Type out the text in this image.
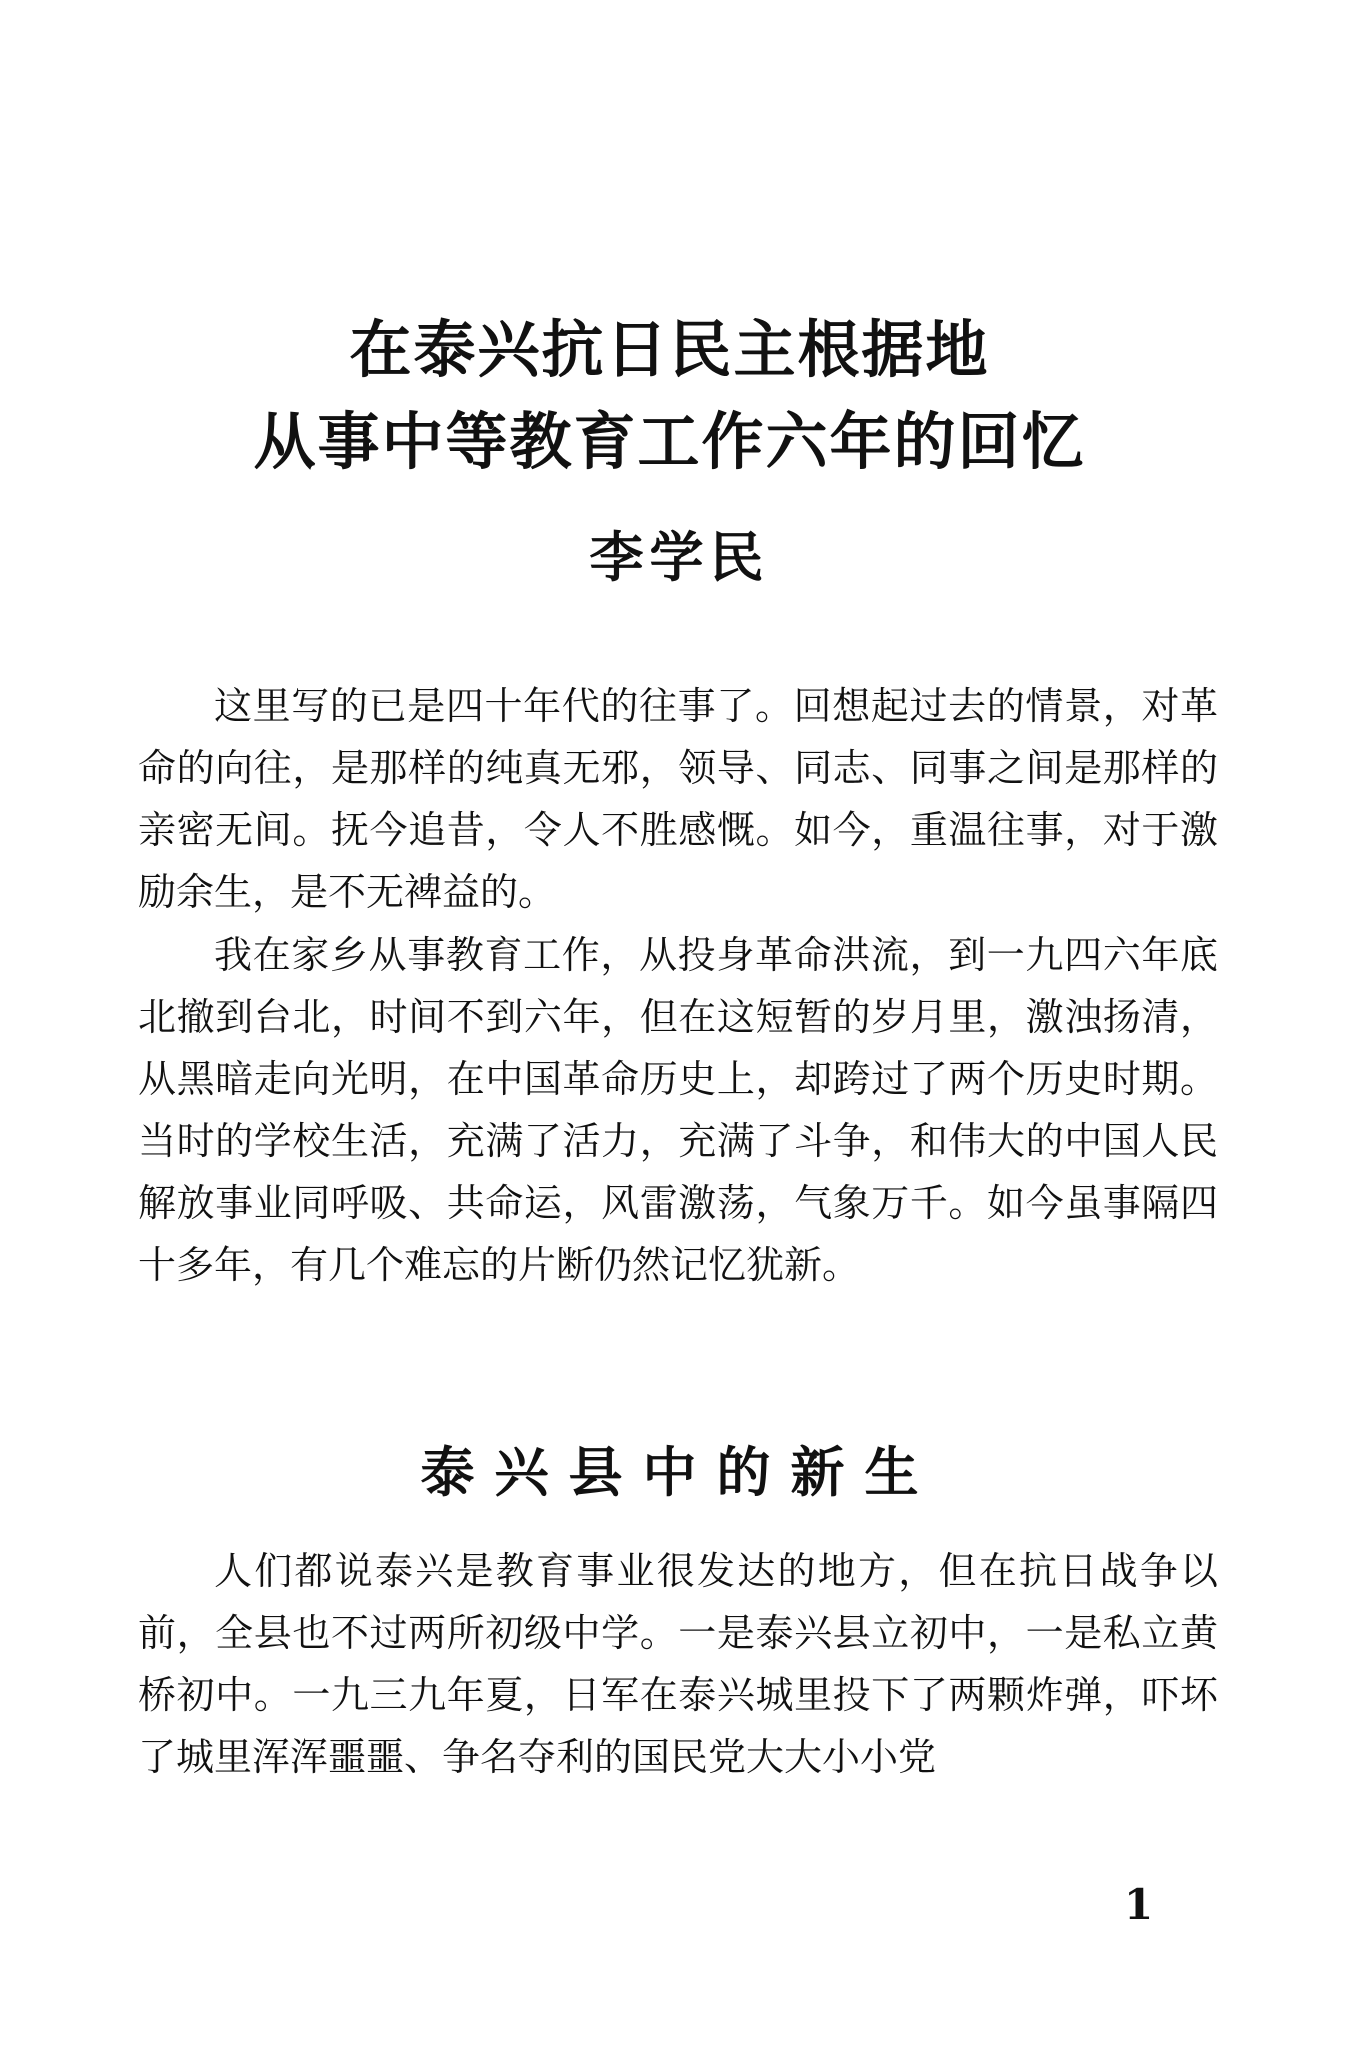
在泰兴抗日民主根据地
从事中等教育工作六年的回忆
李学民

这里写的已是四十年代的往事了。回想起过去的情景，对革命的向往，是那样的纯真无邪，领导、同志、同事之间是那样的亲密无间。抚今追昔，令人不胜感慨。如今，重温往事，对于激励余生，是不无裨益的。

我在家乡从事教育工作，从投身革命洪流，到一九四六年底北撤到台北，时间不到六年，但在这短暂的岁月里，激浊扬清，从黑暗走向光明，在中国革命历史上，却跨过了两个历史时期。当时的学校生活，充满了活力，充满了斗争，和伟大的中国人民解放事业同呼吸、共命运，风雷激荡，气象万千。如今虽事隔四十多年，有几个难忘的片断仍然记忆犹新。

泰兴县中的新生

人们都说泰兴是教育事业很发达的地方，但在抗日战争以前，全县也不过两所初级中学。一是泰兴县立初中，一是私立黄桥初中。一九三九年夏，日军在泰兴城里投下了两颗炸弹，吓坏了城里浑浑噩噩、争名夺利的国民党大大小小党

1
